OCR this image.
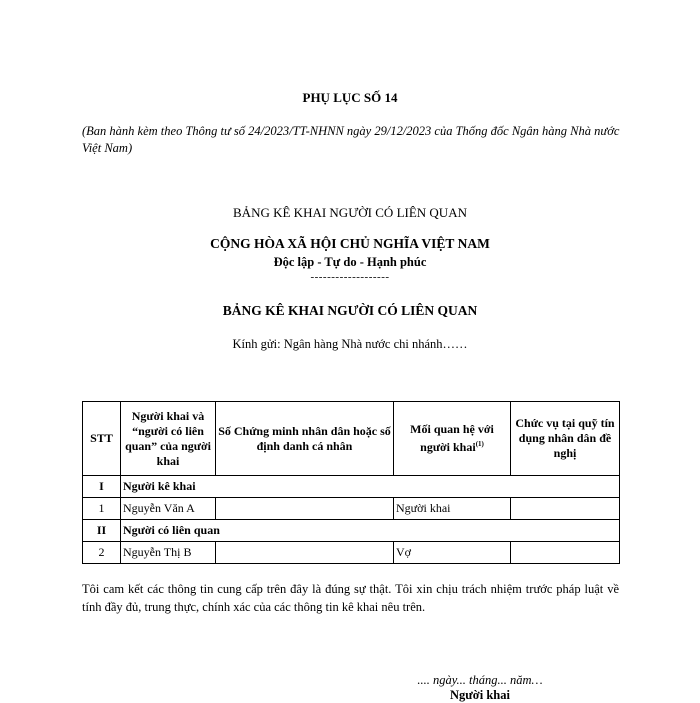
PHỤ LỤC SỐ 14
(Ban hành kèm theo Thông tư số 24/2023/TT-NHNN ngày 29/12/2023 của Thống đốc Ngân hàng Nhà nước Việt Nam)
BẢNG KÊ KHAI NGƯỜI CÓ LIÊN QUAN
CỘNG HÒA XÃ HỘI CHỦ NGHĨA VIỆT NAM
Độc lập - Tự do - Hạnh phúc
-------------------
BẢNG KÊ KHAI NGƯỜI CÓ LIÊN QUAN
Kính gửi: Ngân hàng Nhà nước chi nhánh……
STT	Người khai và “người có liên quan” của người khai	Số Chứng minh nhân dân hoặc số định danh cá nhân	Mối quan hệ với người khai$^{(1)}$	Chức vụ tại quỹ tín dụng nhân dân đề nghị
I	Người kê khai			
1	Nguyễn Văn A		Người khai	
II	Người có liên quan			
2	Nguyễn Thị B		Vợ	
Tôi cam kết các thông tin cung cấp trên đây là đúng sự thật. Tôi xin chịu trách nhiệm trước pháp luật về tính đầy đủ, trung thực, chính xác của các thông tin kê khai nêu trên.
.... ngày... tháng... năm…
Người khai
